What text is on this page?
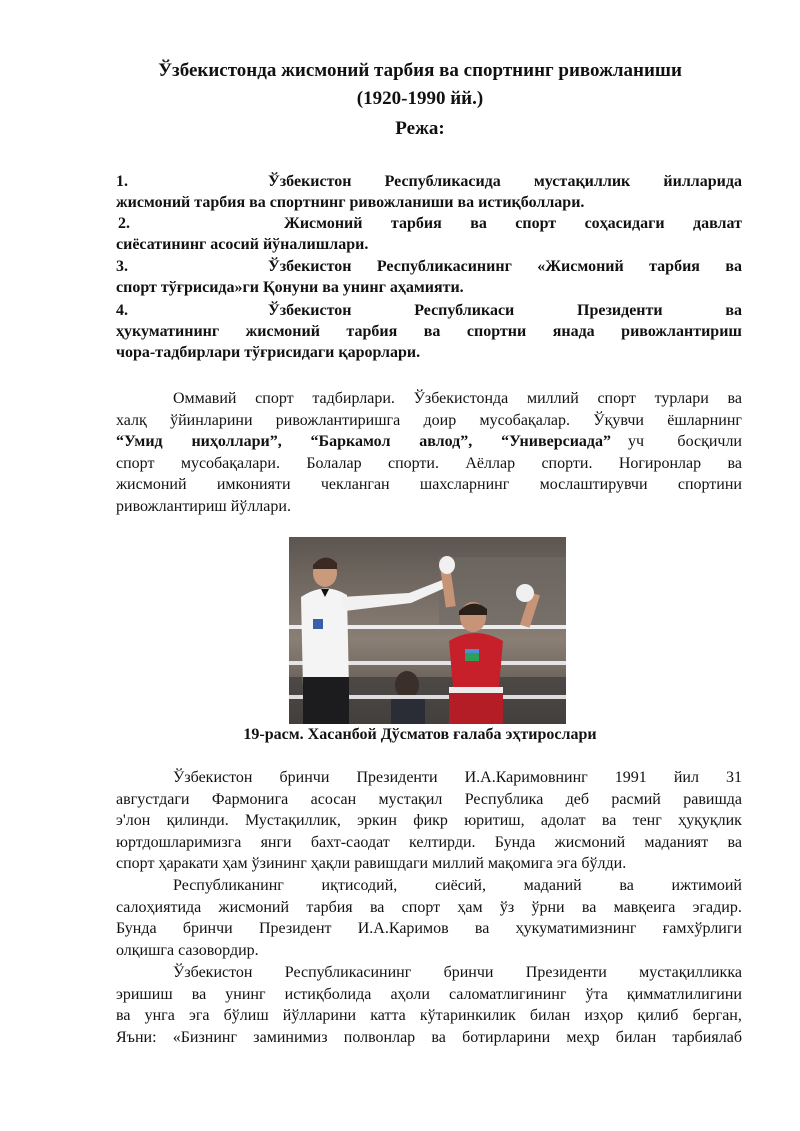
Ўзбекистонда жисмоний тарбия ва спортнинг ривожланиши
(1920-1990 йй.)
Режа:
1.	Ўзбекистон Республикасида мустақиллик йилларида
жисмоний тарбия ва спортнинг ривожланиши ва истиқболлари.
2.	Жисмоний тарбия ва спорт соҳасидаги давлат
сиёсатининг асосий йўналишлари.
3.	Ўзбекистон Республикасининг «Жисмоний тарбия ва
спорт тўғрисида»ги Қонуни ва унинг аҳамияти.
4.	Ўзбекистон	Республикаси	Президенти	ва
ҳукуматининг жисмоний тарбия ва спортни янада ривожлантириш
чора-тадбирлари тўғрисидаги қарорлари.
Оммавий спорт тадбирлари. Ўзбекистонда миллий спорт турлари ва
халқ ўйинларини ривожлантиришга доир мусобақалар. Ўқувчи ёшларнинг
“Умид ниҳоллари”, “Баркамол авлод”, “Универсиада” уч босқичли
спорт мусобақалари. Болалар спорти. Аёллар спорти. Ногиронлар ва
жисмоний имконияти чекланган шахсларнинг мослаштирувчи спортини
ривожлантириш йўллари.
19-расм. Хасанбой Дўсматов ғалаба эҳтирослари
Ўзбекистон бринчи Президенти И.А.Каримовнинг 1991 йил 31
августдаги Фармонига асосан мустақил Республика деб расмий равишда
э'лон қилинди. Мустақиллик, эркин фикр юритиш, адолат ва тенг ҳуқуқлик
юртдошларимизга янги бахт-саодат келтирди. Бунда жисмоний маданият ва
спорт ҳаракати ҳам ўзининг ҳақли равишдаги миллий мақомига эга бўлди.
Республиканинг иқтисодий, сиёсий, маданий ва ижтимоий
салоҳиятида жисмоний тарбия ва спорт ҳам ўз ўрни ва мавқеига эгадир.
Бунда бринчи Президент И.А.Каримов ва ҳукуматимизнинг ғамхўрлиги
олқишга сазовордир.
Ўзбекистон Республикасининг бринчи Президенти мустақилликка
эришиш ва унинг истиқболида аҳоли саломатлигининг ўта қимматлилигини
ва унга эга бўлиш йўлларини катта кўтаринкилик билан изҳор қилиб берган,
Яъни: «Бизнинг заминимиз полвонлар ва ботирларини меҳр билан тарбиялаб
